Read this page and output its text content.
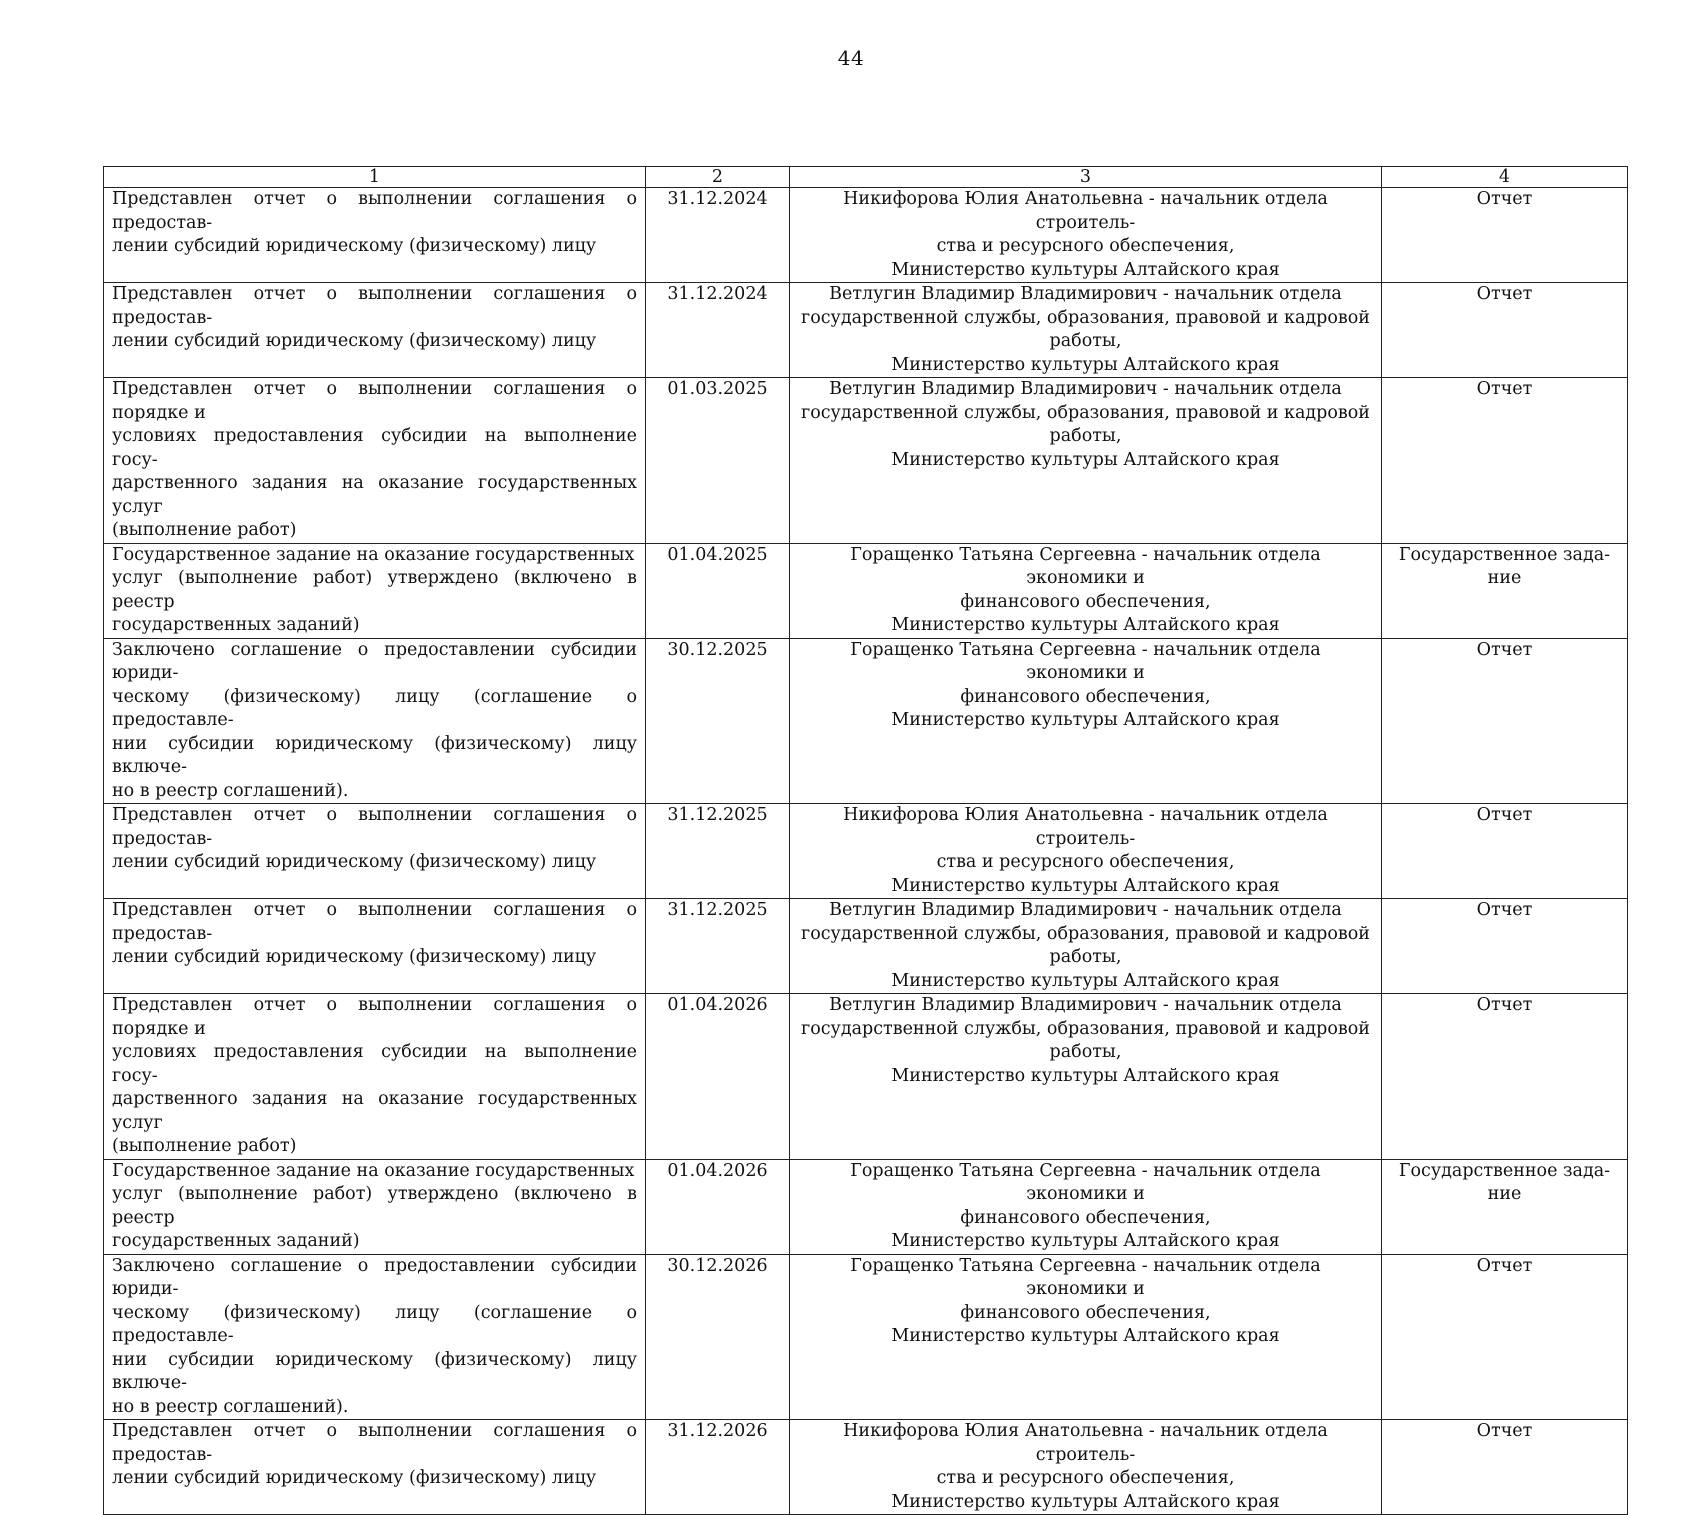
44
1	2	3	4

Представлен отчет о выполнении соглашения о предостав-
лении субсидий юридическому (физическому) лицу	31.12.2024	Никифорова Юлия Анатольевна - начальник отдела строитель-
ства и ресурсного обеспечения,
Министерство культуры Алтайского края	Отчет

Представлен отчет о выполнении соглашения о предостав-
лении субсидий юридическому (физическому) лицу	31.12.2024	Ветлугин Владимир Владимирович - начальник отдела
государственной службы, образования, правовой и кадровой
работы,
Министерство культуры Алтайского края	Отчет

Представлен отчет о выполнении соглашения о порядке и
условиях предоставления субсидии на выполнение госу-
дарственного задания на оказание государственных услуг
(выполнение работ)	01.03.2025	Ветлугин Владимир Владимирович - начальник отдела
государственной службы, образования, правовой и кадровой
работы,
Министерство культуры Алтайского края	Отчет

Государственное задание на оказание государственных
услуг (выполнение работ) утверждено (включено в реестр
государственных заданий)	01.04.2025	Горащенко Татьяна Сергеевна - начальник отдела экономики и
финансового обеспечения,
Министерство культуры Алтайского края	Государственное зада-
ние

Заключено соглашение о предоставлении субсидии юриди-
ческому (физическому) лицу (соглашение о предоставле-
нии субсидии юридическому (физическому) лицу включе-
но в реестр соглашений).	30.12.2025	Горащенко Татьяна Сергеевна - начальник отдела экономики и
финансового обеспечения,
Министерство культуры Алтайского края	Отчет

Представлен отчет о выполнении соглашения о предостав-
лении субсидий юридическому (физическому) лицу	31.12.2025	Никифорова Юлия Анатольевна - начальник отдела строитель-
ства и ресурсного обеспечения,
Министерство культуры Алтайского края	Отчет

Представлен отчет о выполнении соглашения о предостав-
лении субсидий юридическому (физическому) лицу	31.12.2025	Ветлугин Владимир Владимирович - начальник отдела
государственной службы, образования, правовой и кадровой
работы,
Министерство культуры Алтайского края	Отчет

Представлен отчет о выполнении соглашения о порядке и
условиях предоставления субсидии на выполнение госу-
дарственного задания на оказание государственных услуг
(выполнение работ)	01.04.2026	Ветлугин Владимир Владимирович - начальник отдела
государственной службы, образования, правовой и кадровой
работы,
Министерство культуры Алтайского края	Отчет

Государственное задание на оказание государственных
услуг (выполнение работ) утверждено (включено в реестр
государственных заданий)	01.04.2026	Горащенко Татьяна Сергеевна - начальник отдела экономики и
финансового обеспечения,
Министерство культуры Алтайского края	Государственное зада-
ние

Заключено соглашение о предоставлении субсидии юриди-
ческому (физическому) лицу (соглашение о предоставле-
нии субсидии юридическому (физическому) лицу включе-
но в реестр соглашений).	30.12.2026	Горащенко Татьяна Сергеевна - начальник отдела экономики и
финансового обеспечения,
Министерство культуры Алтайского края	Отчет

Представлен отчет о выполнении соглашения о предостав-
лении субсидий юридическому (физическому) лицу	31.12.2026	Никифорова Юлия Анатольевна - начальник отдела строитель-
ства и ресурсного обеспечения,
Министерство культуры Алтайского края	Отчет
